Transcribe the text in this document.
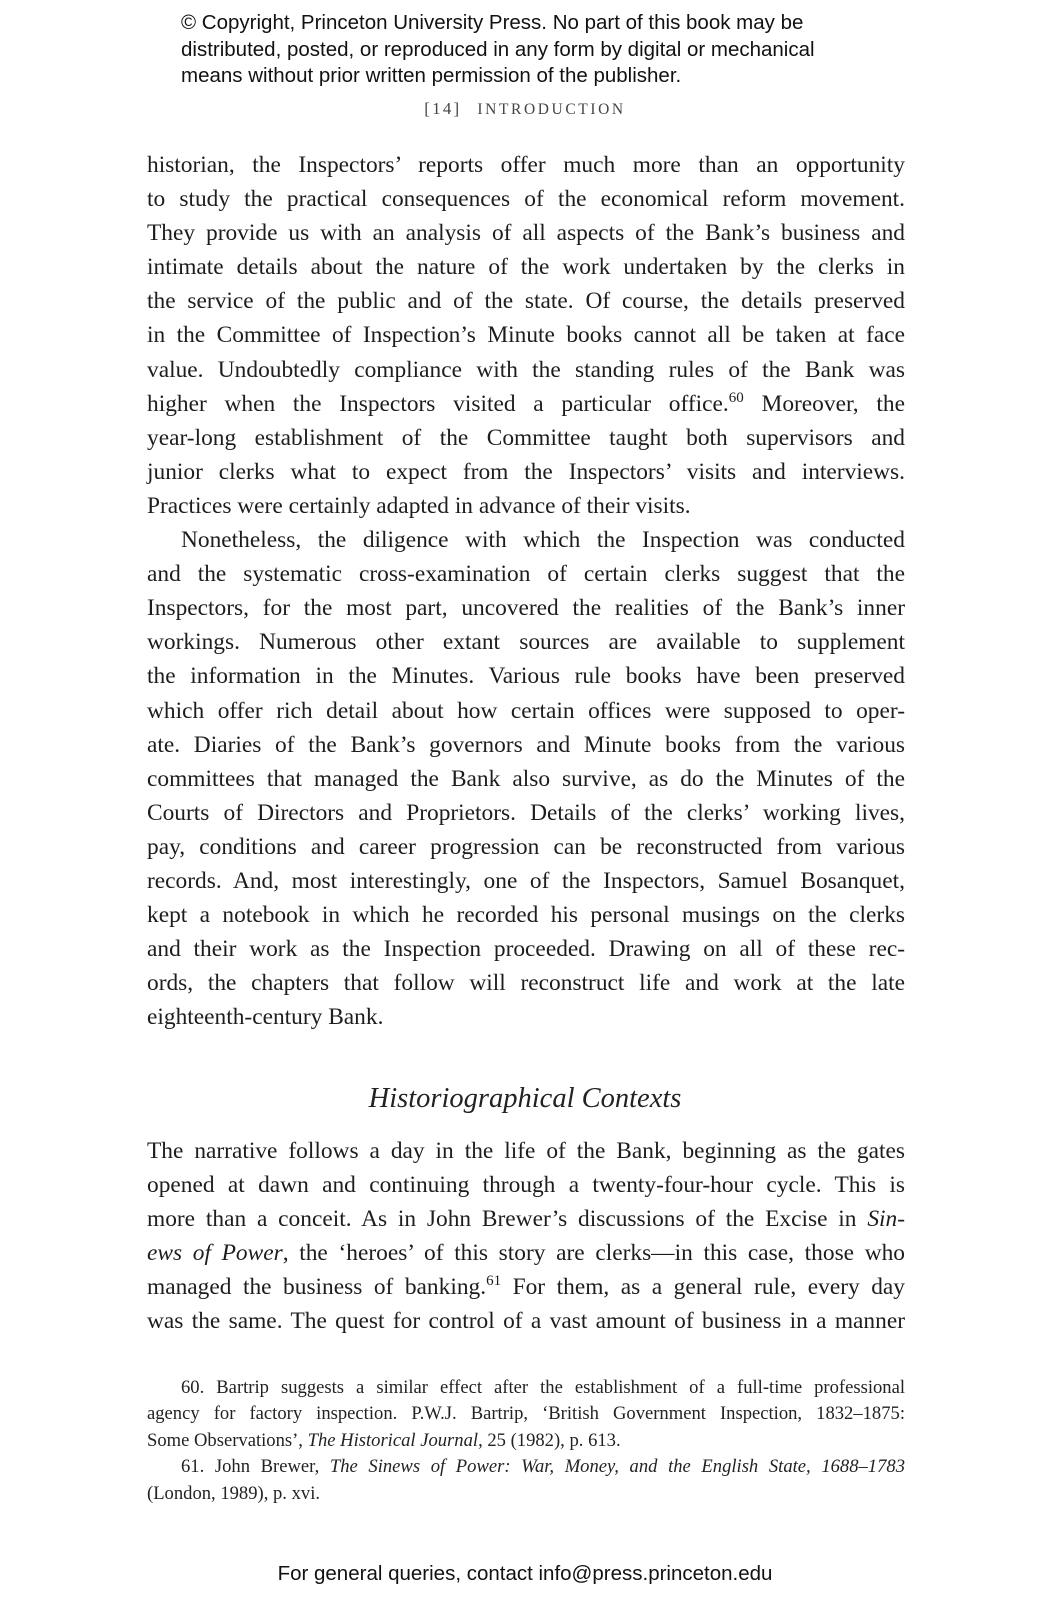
© Copyright, Princeton University Press. No part of this book may be
distributed, posted, or reproduced in any form by digital or mechanical
means without prior written permission of the publisher.
[14] INTRODUCTION
historian, the Inspectors’ reports offer much more than an opportunity
to study the practical consequences of the economical reform movement.
They provide us with an analysis of all aspects of the Bank’s business and
intimate details about the nature of the work undertaken by the clerks in
the service of the public and of the state. Of course, the details preserved
in the Committee of Inspection’s Minute books cannot all be taken at face
value. Undoubtedly compliance with the standing rules of the Bank was
higher when the Inspectors visited a particular office.$^{60}$ Moreover, the
year-long establishment of the Committee taught both supervisors and
junior clerks what to expect from the Inspectors’ visits and interviews.
Practices were certainly adapted in advance of their visits.
Nonetheless, the diligence with which the Inspection was conducted
and the systematic cross-examination of certain clerks suggest that the
Inspectors, for the most part, uncovered the realities of the Bank’s inner
workings. Numerous other extant sources are available to supplement
the information in the Minutes. Various rule books have been preserved
which offer rich detail about how certain offices were supposed to oper-
ate. Diaries of the Bank’s governors and Minute books from the various
committees that managed the Bank also survive, as do the Minutes of the
Courts of Directors and Proprietors. Details of the clerks’ working lives,
pay, conditions and career progression can be reconstructed from various
records. And, most interestingly, one of the Inspectors, Samuel Bosanquet,
kept a notebook in which he recorded his personal musings on the clerks
and their work as the Inspection proceeded. Drawing on all of these rec-
ords, the chapters that follow will reconstruct life and work at the late
eighteenth-century Bank.
Historiographical Contexts
The narrative follows a day in the life of the Bank, beginning as the gates
opened at dawn and continuing through a twenty-four-hour cycle. This is
more than a conceit. As in John Brewer’s discussions of the Excise in Sin-
ews of Power, the ‘heroes’ of this story are clerks—in this case, those who
managed the business of banking.$^{61}$ For them, as a general rule, every day
was the same. The quest for control of a vast amount of business in a manner
60. Bartrip suggests a similar effect after the establishment of a full-time professional
agency for factory inspection. P.W.J. Bartrip, ‘British Government Inspection, 1832–1875:
Some Observations’, The Historical Journal, 25 (1982), p. 613.
61. John Brewer, The Sinews of Power: War, Money, and the English State, 1688–1783
(London, 1989), p. xvi.
For general queries, contact info@press.princeton.edu
